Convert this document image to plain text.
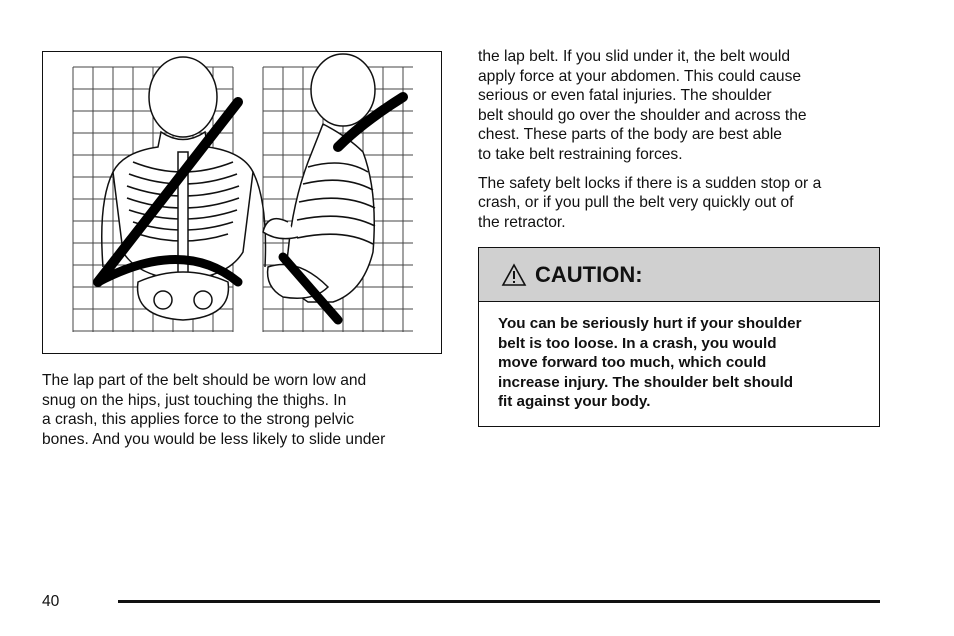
The lap part of the belt should be worn low and
snug on the hips, just touching the thighs. In
a crash, this applies force to the strong pelvic
bones. And you would be less likely to slide under

the lap belt. If you slid under it, the belt would
apply force at your abdomen. This could cause
serious or even fatal injuries. The shoulder
belt should go over the shoulder and across the
chest. These parts of the body are best able
to take belt restraining forces.

The safety belt locks if there is a sudden stop or a
crash, or if you pull the belt very quickly out of
the retractor.

CAUTION:
You can be seriously hurt if your shoulder
belt is too loose. In a crash, you would
move forward too much, which could
increase injury. The shoulder belt should
fit against your body.
40
